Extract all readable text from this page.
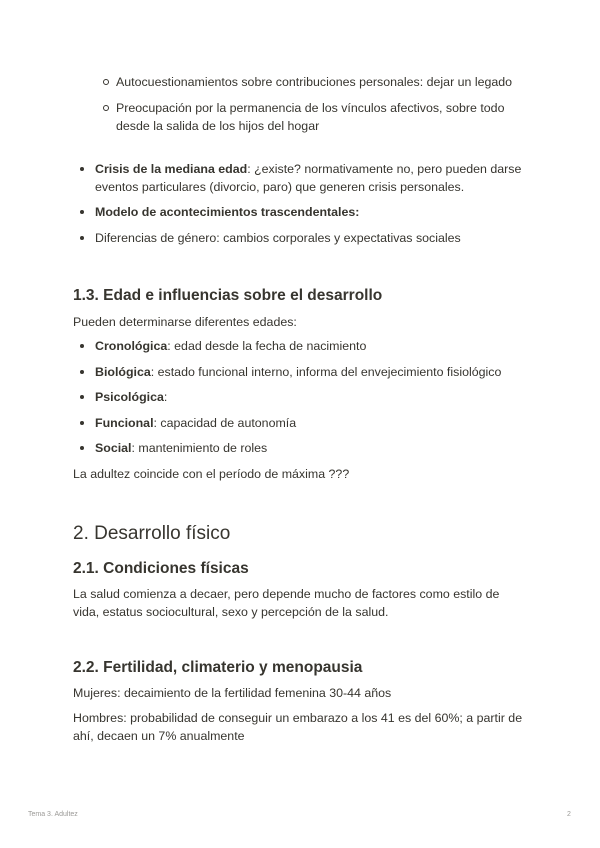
Autocuestionamientos sobre contribuciones personales: dejar un legado
Preocupación por la permanencia de los vínculos afectivos, sobre todo desde la salida de los hijos del hogar
Crisis de la mediana edad: ¿existe? normativamente no, pero pueden darse eventos particulares (divorcio, paro) que generen crisis personales.
Modelo de acontecimientos trascendentales:
Diferencias de género: cambios corporales y expectativas sociales
1.3. Edad e influencias sobre el desarrollo

Pueden determinarse diferentes edades:

Cronológica: edad desde la fecha de nacimiento
Biológica: estado funcional interno, informa del envejecimiento fisiológico
Psicológica:
Funcional: capacidad de autonomía
Social: mantenimiento de roles

La adultez coincide con el período de máxima ???

2. Desarrollo físico
2.1. Condiciones físicas

La salud comienza a decaer, pero depende mucho de factores como estilo de vida, estatus sociocultural, sexo y percepción de la salud.

2.2. Fertilidad, climaterio y menopausia

Mujeres: decaimiento de la fertilidad femenina 30-44 años

Hombres: probabilidad de conseguir un embarazo a los 41 es del 60%; a partir de ahí, decaen un 7% anualmente

Tema 3. Adultez	2
